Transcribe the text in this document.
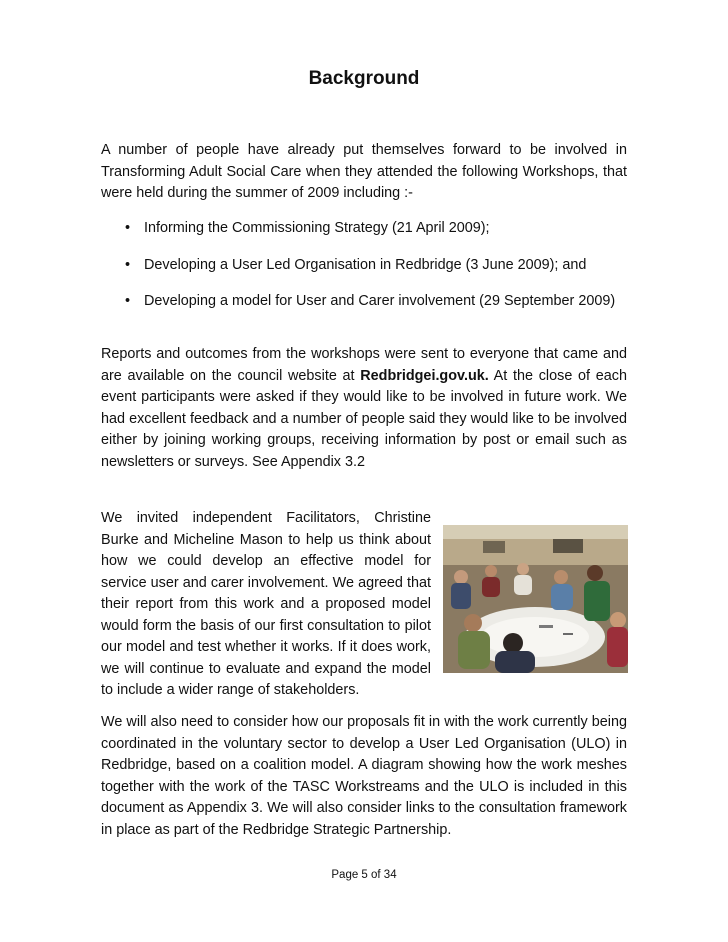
Background
A number of people have already put themselves forward to be involved in Transforming Adult Social Care when they attended the following Workshops, that were held during the summer of 2009 including :-
• Informing the Commissioning Strategy (21 April 2009);
• Developing a User Led Organisation in Redbridge (3 June 2009); and
• Developing a model for User and Carer involvement (29 September 2009)
Reports and outcomes from the workshops were sent to everyone that came and are available on the council website at Redbridgei.gov.uk. At the close of each event participants were asked if they would like to be involved in future work. We had excellent feedback and a number of people said they would like to be involved either by joining working groups, receiving information by post or email such as newsletters or surveys. See Appendix 3.2
We invited independent Facilitators, Christine Burke and Micheline Mason to help us think about how we could develop an effective model for service user and carer involvement. We agreed that their report from this work and a proposed model would form the basis of our first consultation to pilot our model and test whether it works. If it does work, we will continue to evaluate and expand the model to include a wider range of stakeholders.
We will also need to consider how our proposals fit in with the work currently being coordinated in the voluntary sector to develop a User Led Organisation (ULO) in Redbridge, based on a coalition model. A diagram showing how the work meshes together with the work of the TASC Workstreams and the ULO is included in this document as Appendix 3. We will also consider links to the consultation framework in place as part of the Redbridge Strategic Partnership.
Page 5 of 34
